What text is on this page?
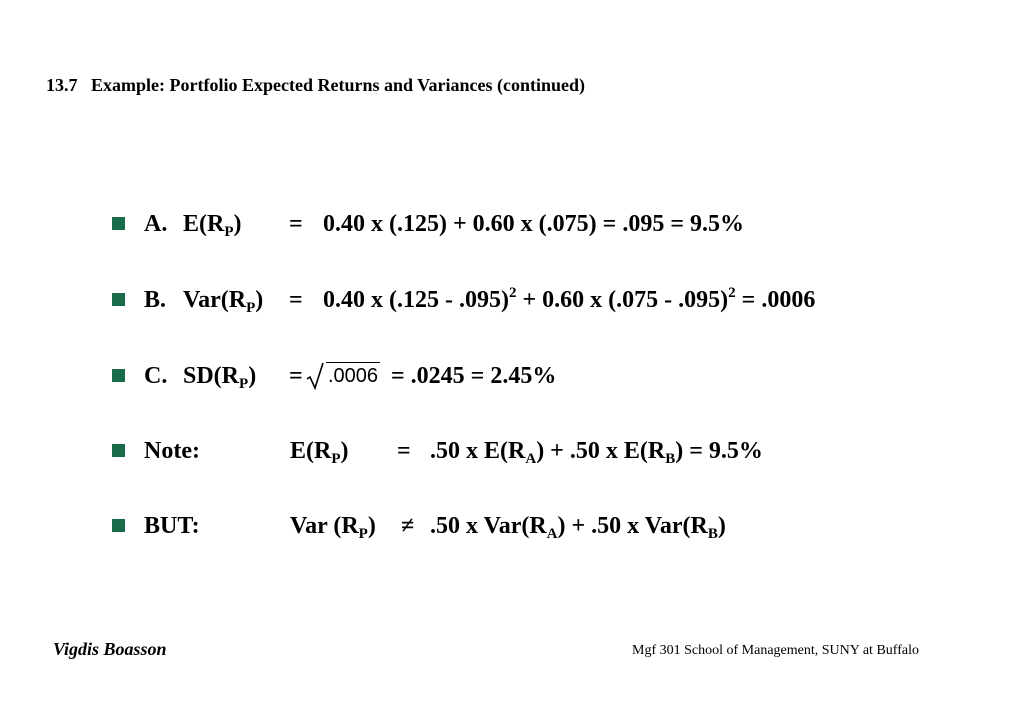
13.7   Example: Portfolio Expected Returns and Variances (continued)
A. $E(R_P) = 0.40$ x (.125) + 0.60 x (.075) = .095 = 9.5%
B. $Var(R_P) = 0.40$ x (.125 - .095)$^2$ + 0.60 x (.075 - .095)$^2$ = .0006
C. $SD(R_P)$ =

.0006

= .0245 = 2.45%
Note:	$E(R_P) = .50$ x $E(R_A) + .50$ x $E(R_B) = 9.5\%$
BUT:	Var $(R_P) \ne .50$ x $Var(R_A) + .50$ x $Var(R_B)$
Vigdis Boasson	Mgf 301 School of Management, SUNY at Buffalo
